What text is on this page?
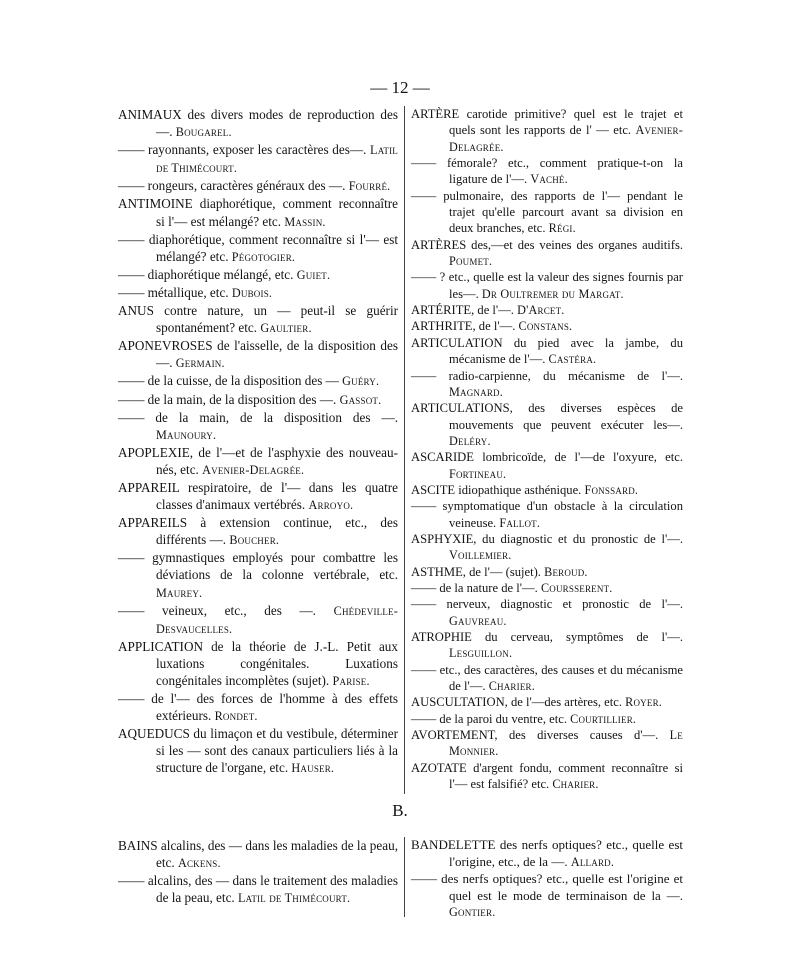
— 12 —
ANIMAUX des divers modes de reproduction des—. Bougarel.
—— rayonnants, exposer les caractères des—. Latil de Thimécourt.
—— rongeurs, caractères généraux des —. Fourré.
ANTIMOINE diaphorétique, comment reconnaître si l'— est mélangé? etc. Massin.
—— diaphorétique, comment reconnaître si l'— est mélangé? etc. Pégotogier.
—— diaphorétique mélangé, etc. Guiet.
—— métallique, etc. Dubois.
ANUS contre nature, un — peut-il se guérir spontanément? etc. Gaultier.
APONEVROSES de l'aisselle, de la disposition des —. Germain.
—— de la cuisse, de la disposition des — Guéry.
—— de la main, de la disposition des —. Gassot.
—— de la main, de la disposition des —. Maunoury.
APOPLEXIE, de l'—et de l'asphyxie des nouveau-nés, etc. Avenier-Delagrée.
APPAREIL respiratoire, de l'— dans les quatre classes d'animaux vertébrés. Arroyo.
APPAREILS à extension continue, etc., des différents —. Boucher.
—— gymnastiques employés pour combattre les déviations de la colonne vertébrale, etc. Maurey.
—— veineux, etc., des —. Chédeville-Desvaucelles.
APPLICATION de la théorie de J.-L. Petit aux luxations congénitales. Luxations congénitales incomplètes (sujet). Parise.
—— de l'— des forces de l'homme à des effets extérieurs. Rondet.
AQUEDUCS du limaçon et du vestibule, déterminer si les — sont des canaux particuliers liés à la structure de l'organe, etc. Hauser.
ARTÈRE carotide primitive? quel est le trajet et quels sont les rapports de l' — etc. Avenier-Delagrée.
—— fémorale? etc., comment pratique-t-on la ligature de l'—. Vaché.
—— pulmonaire, des rapports de l'— pendant le trajet qu'elle parcourt avant sa division en deux branches, etc. Régi.
ARTÈRES des,—et des veines des organes auditifs. Poumet.
—— ? etc., quelle est la valeur des signes fournis par les—. Dr Oultremer du Margat.
ARTÉRITE, de l'—. D'Arcet.
ARTHRITE, de l'—. Constans.
ARTICULATION du pied avec la jambe, du mécanisme de l'—. Castéra.
—— radio-carpienne, du mécanisme de l'—. Magnard.
ARTICULATIONS, des diverses espèces de mouvements que peuvent exécuter les—. Deléry.
ASCARIDE lombricoïde, de l'—de l'oxyure, etc. Fortineau.
ASCITE idiopathique asthénique. Fonssard.
—— symptomatique d'un obstacle à la circulation veineuse. Fallot.
ASPHYXIE, du diagnostic et du pronostic de l'—. Voillemier.
ASTHME, de l'— (sujet). Beroud.
—— de la nature de l'—. Coursserent.
—— nerveux, diagnostic et pronostic de l'—. Gauvreau.
ATROPHIE du cerveau, symptômes de l'—. Lesguillon.
—— etc., des caractères, des causes et du mécanisme de l'—. Charier.
AUSCULTATION, de l'—des artères, etc. Royer.
—— de la paroi du ventre, etc. Courtillier.
AVORTEMENT, des diverses causes d'—. Le Monnier.
AZOTATE d'argent fondu, comment reconnaître si l'— est falsifié? etc. Charier.
B.
BAINS alcalins, des — dans les maladies de la peau, etc. Ackens.
—— alcalins, des — dans le traitement des maladies de la peau, etc. Latil de Thimécourt.
BANDELETTE des nerfs optiques? etc., quelle est l'origine, etc., de la —. Allard.
—— des nerfs optiques? etc., quelle est l'origine et quel est le mode de terminaison de la —. Gontier.
